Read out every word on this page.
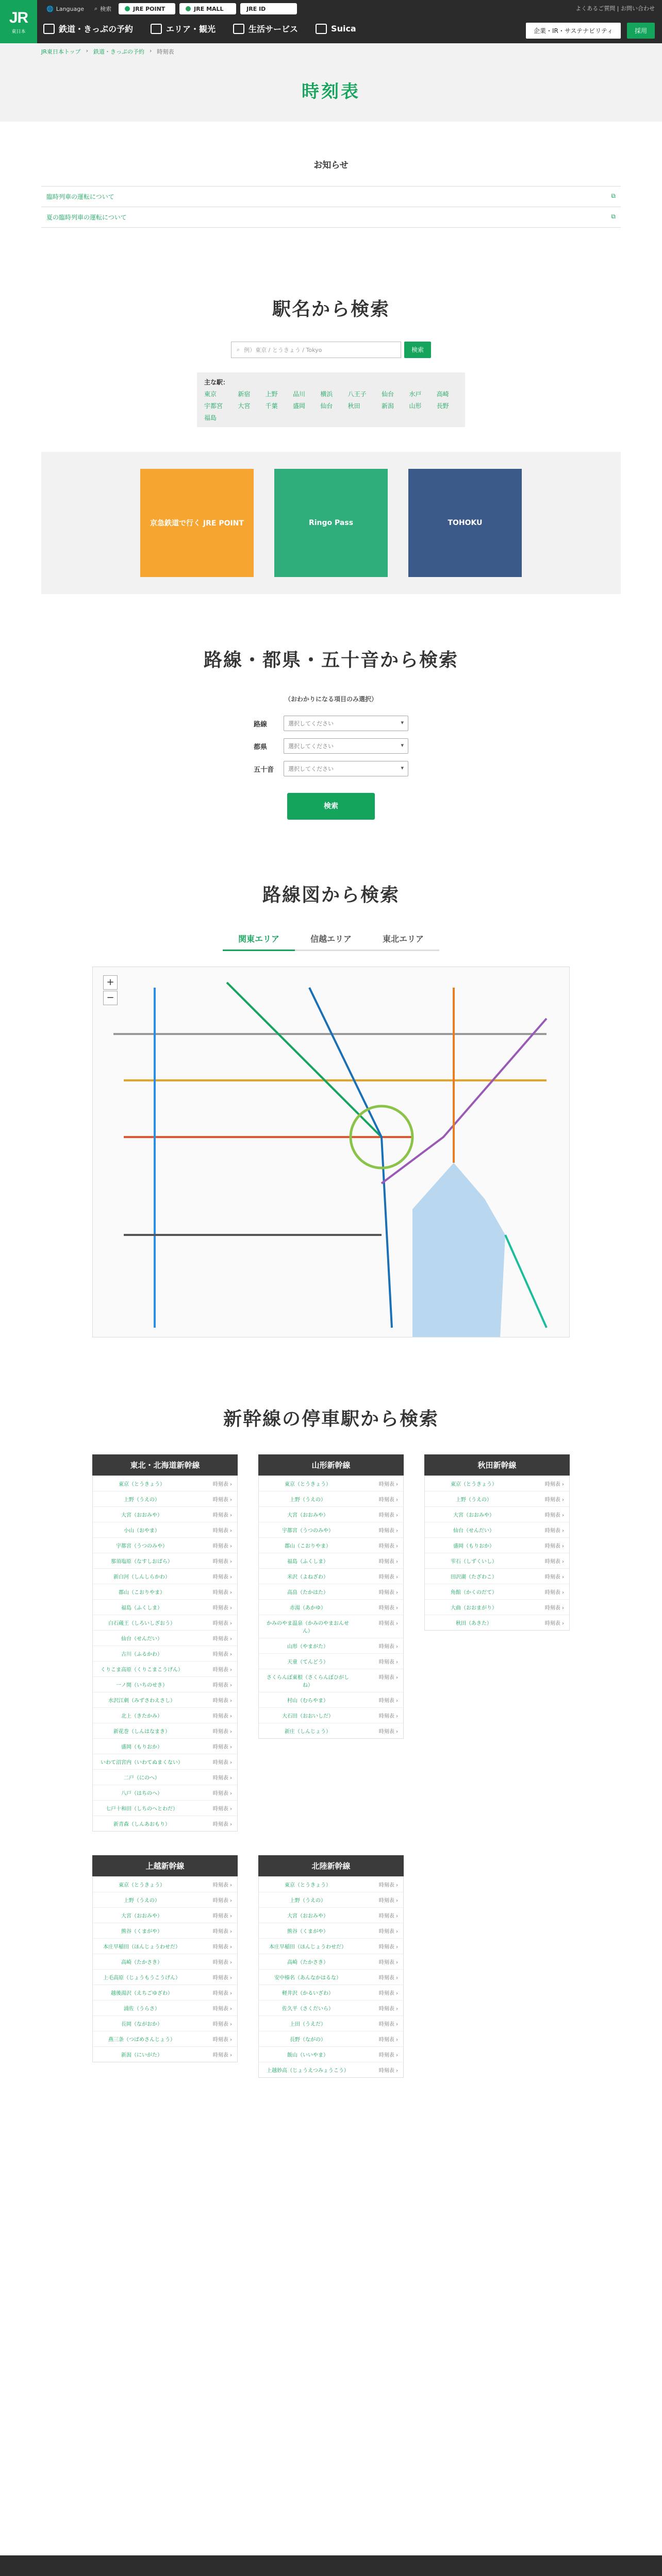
JR
東日本
🌐 Language ⌕ 検索	JRE POINT	JRE MALL	JRE ID	よくあるご質問 | お問い合わせ
鉄道・きっぷの予約	エリア・観光	生活サービス	Suica	企業・IR・サステナビリティ	採用
JR東日本トップ › 鉄道・きっぷの予約 › 時刻表
時刻表
お知らせ
臨時列車の運転について	⧉
夏の臨時列車の運転について	⧉
駅名から検索
⌕ 例）東京 / とうきょう / Tokyo	検索
主な駅：
東京	新宿	上野	品川	横浜	八王子	仙台	水戸	高崎
宇都宮	大宮	千葉	盛岡	仙台	秋田	新潟	山形	長野
福島
京急鉄道で行く JRE POINT	Ringo Pass	TOHOKU
路線・都県・五十音から検索
（おわかりになる項目のみ選択）
路線	選択してください ▾
都県	選択してください ▾
五十音	選択してください ▾
検索
路線図から検索
関東エリア	信越エリア	東北エリア
+
−
新幹線の停車駅から検索
東北・北海道新幹線
東京（とうきょう）	時刻表 ›
上野（うえの）	時刻表 ›
大宮（おおみや）	時刻表 ›
小山（おやま）	時刻表 ›
宇都宮（うつのみや）	時刻表 ›
那須塩原（なすしおばら）	時刻表 ›
新白河（しんしらかわ）	時刻表 ›
郡山（こおりやま）	時刻表 ›
福島（ふくしま）	時刻表 ›
白石蔵王（しろいしざおう）	時刻表 ›
仙台（せんだい）	時刻表 ›
古川（ふるかわ）	時刻表 ›
くりこま高原（くりこまこうげん）	時刻表 ›
一ノ関（いちのせき）	時刻表 ›
水沢江刺（みずさわえさし）	時刻表 ›
北上（きたかみ）	時刻表 ›
新花巻（しんはなまき）	時刻表 ›
盛岡（もりおか）	時刻表 ›
いわて沼宮内（いわてぬまくない）	時刻表 ›
二戸（にのへ）	時刻表 ›
八戸（はちのへ）	時刻表 ›
七戸十和田（しちのへとわだ）	時刻表 ›
新青森（しんあおもり）	時刻表 ›
山形新幹線
東京（とうきょう）	時刻表 ›
上野（うえの）	時刻表 ›
大宮（おおみや）	時刻表 ›
宇都宮（うつのみや）	時刻表 ›
郡山（こおりやま）	時刻表 ›
福島（ふくしま）	時刻表 ›
米沢（よねざわ）	時刻表 ›
高畠（たかはた）	時刻表 ›
赤湯（あかゆ）	時刻表 ›
かみのやま温泉（かみのやまおんせん）
時刻表 ›
山形（やまがた）	時刻表 ›
天童（てんどう）	時刻表 ›
さくらんぼ東根（さくらんぼひがしね）
時刻表 ›
村山（むらやま）	時刻表 ›
大石田（おおいしだ）	時刻表 ›
新庄（しんじょう）	時刻表 ›
秋田新幹線
東京（とうきょう）	時刻表 ›
上野（うえの）	時刻表 ›
大宮（おおみや）	時刻表 ›
仙台（せんだい）	時刻表 ›
盛岡（もりおか）	時刻表 ›
雫石（しずくいし）	時刻表 ›
田沢湖（たざわこ）	時刻表 ›
角館（かくのだて）	時刻表 ›
大曲（おおまがり）	時刻表 ›
秋田（あきた）	時刻表 ›
上越新幹線
東京（とうきょう）	時刻表 ›
上野（うえの）	時刻表 ›
大宮（おおみや）	時刻表 ›
熊谷（くまがや）	時刻表 ›
本庄早稲田（ほんじょうわせだ）	時刻表 ›
高崎（たかさき）	時刻表 ›
上毛高原（じょうもうこうげん）	時刻表 ›
越後湯沢（えちごゆざわ）	時刻表 ›
浦佐（うらさ）	時刻表 ›
長岡（ながおか）	時刻表 ›
燕三条（つばめさんじょう）	時刻表 ›
新潟（にいがた）	時刻表 ›
北陸新幹線
東京（とうきょう）	時刻表 ›
上野（うえの）	時刻表 ›
大宮（おおみや）	時刻表 ›
熊谷（くまがや）	時刻表 ›
本庄早稲田（ほんじょうわせだ）	時刻表 ›
高崎（たかさき）	時刻表 ›
安中榛名（あんなかはるな）	時刻表 ›
軽井沢（かるいざわ）	時刻表 ›
佐久平（さくだいら）	時刻表 ›
上田（うえだ）	時刻表 ›
長野（ながの）	時刻表 ›
飯山（いいやま）	時刻表 ›
上越妙高（じょうえつみょうこう）	時刻表 ›
